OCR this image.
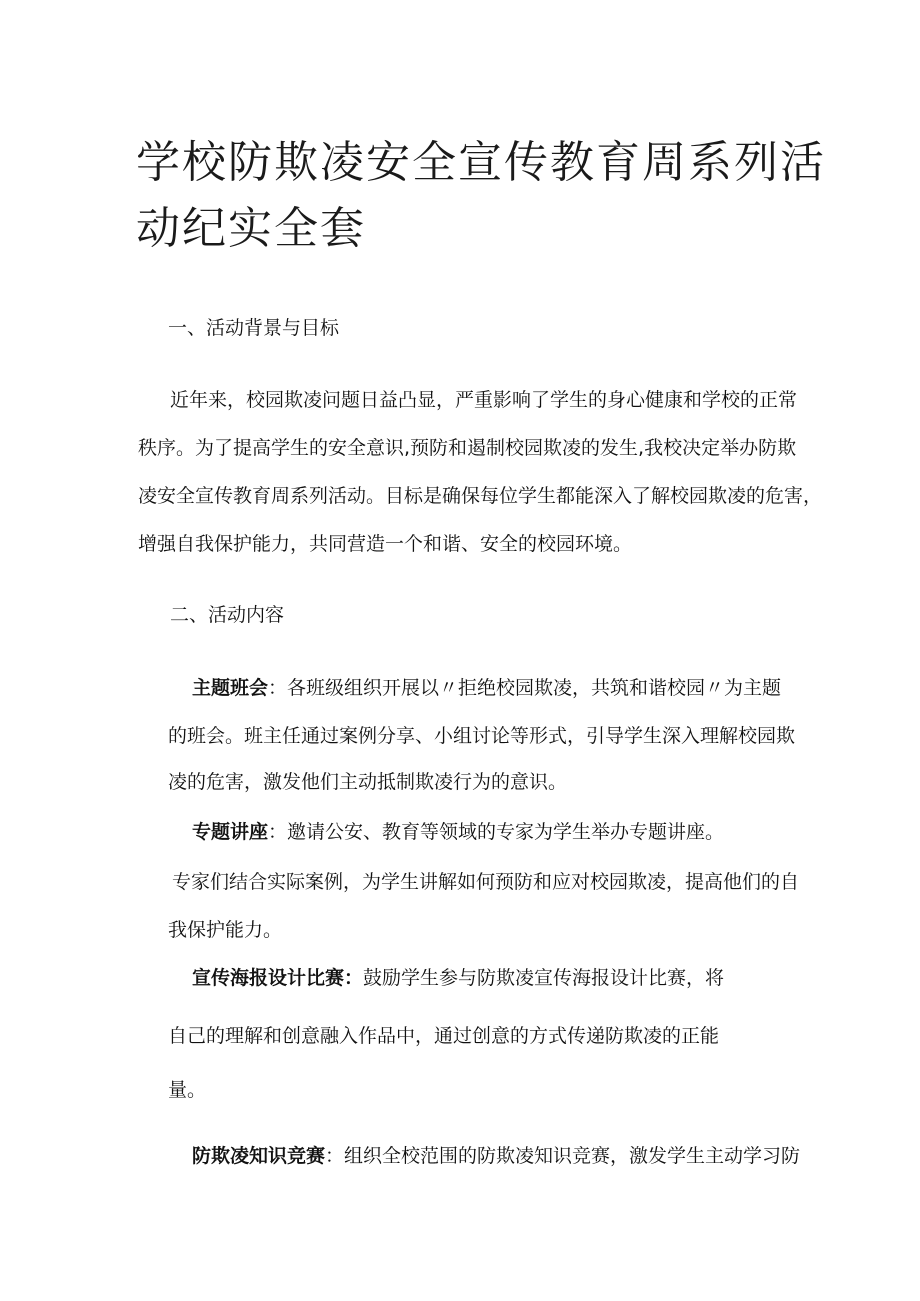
学校防欺凌安全宣传教育周系列活
动纪实全套
一、活动背景与目标
近年来，校园欺凌问题日益凸显，严重影响了学生的身心健康和学校的正常
秩序。为了提高学生的安全意识,预防和遏制校园欺凌的发生,我校决定举办防欺
凌安全宣传教育周系列活动。目标是确保每位学生都能深入了解校园欺凌的危害，
增强自我保护能力，共同营造一个和谐、安全的校园环境。
二、活动内容
主题班会：各班级组织开展以〃拒绝校园欺凌，共筑和谐校园〃为主题
的班会。班主任通过案例分享、小组讨论等形式，引导学生深入理解校园欺
凌的危害，激发他们主动抵制欺凌行为的意识。
专题讲座：邀请公安、教育等领域的专家为学生举办专题讲座。
专家们结合实际案例，为学生讲解如何预防和应对校园欺凌，提高他们的自
我保护能力。
宣传海报设计比赛：鼓励学生参与防欺凌宣传海报设计比赛，将
自己的理解和创意融入作品中，通过创意的方式传递防欺凌的正能
量。
防欺凌知识竞赛：组织全校范围的防欺凌知识竞赛，激发学生主动学习防
